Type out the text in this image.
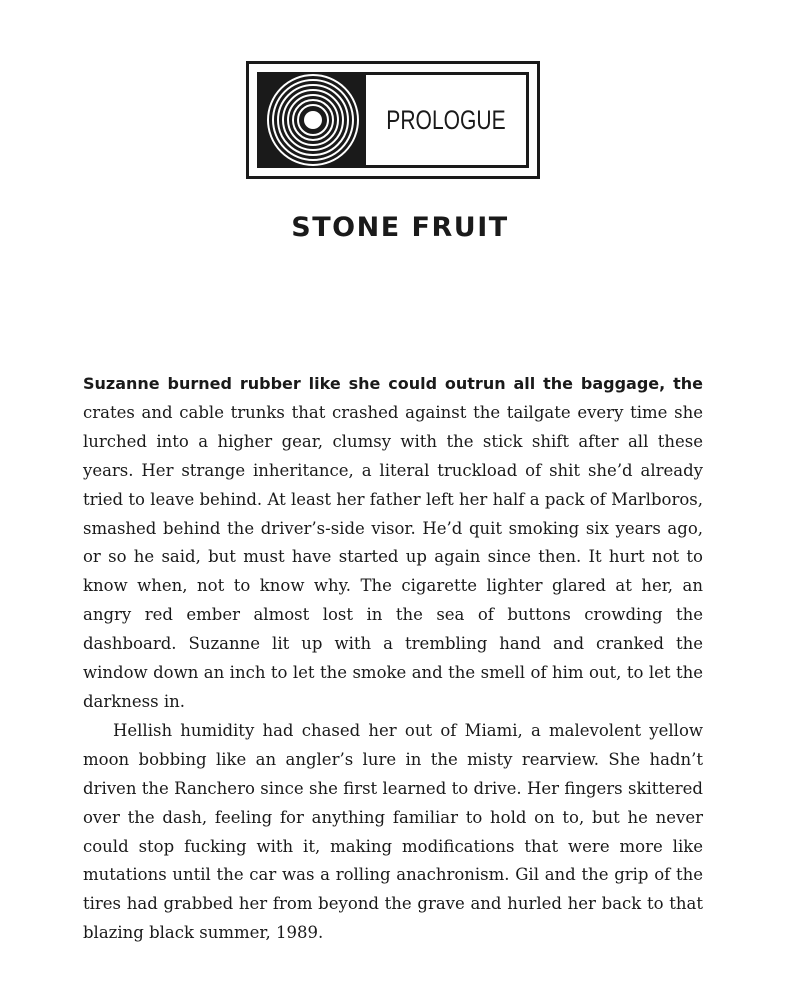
PROLOGUE
STONE FRUIT

Suzanne burned rubber like she could outrun all the baggage, the crates and cable trunks that crashed against the tailgate every time she lurched into a higher gear, clumsy with the stick shift after all these years. Her strange inheritance, a literal truckload of shit she’d already tried to leave behind. At least her father left her half a pack of Marlboros, smashed behind the driver’s-side visor. He’d quit smoking six years ago, or so he said, but must have started up again since then. It hurt not to know when, not to know why. The cigarette lighter glared at her, an angry red ember almost lost in the sea of buttons crowding the dashboard. Suzanne lit up with a trembling hand and cranked the window down an inch to let the smoke and the smell of him out, to let the darkness in.

Hellish humidity had chased her out of Miami, a malevolent yellow moon bobbing like an angler’s lure in the misty rearview. She hadn’t driven the Ranchero since she first learned to drive. Her fingers skittered over the dash, feeling for anything familiar to hold on to, but he never could stop fucking with it, making modifications that were more like mutations until the car was a rolling anachronism. Gil and the grip of the tires had grabbed her from beyond the grave and hurled her back to that blazing black summer, 1989.
